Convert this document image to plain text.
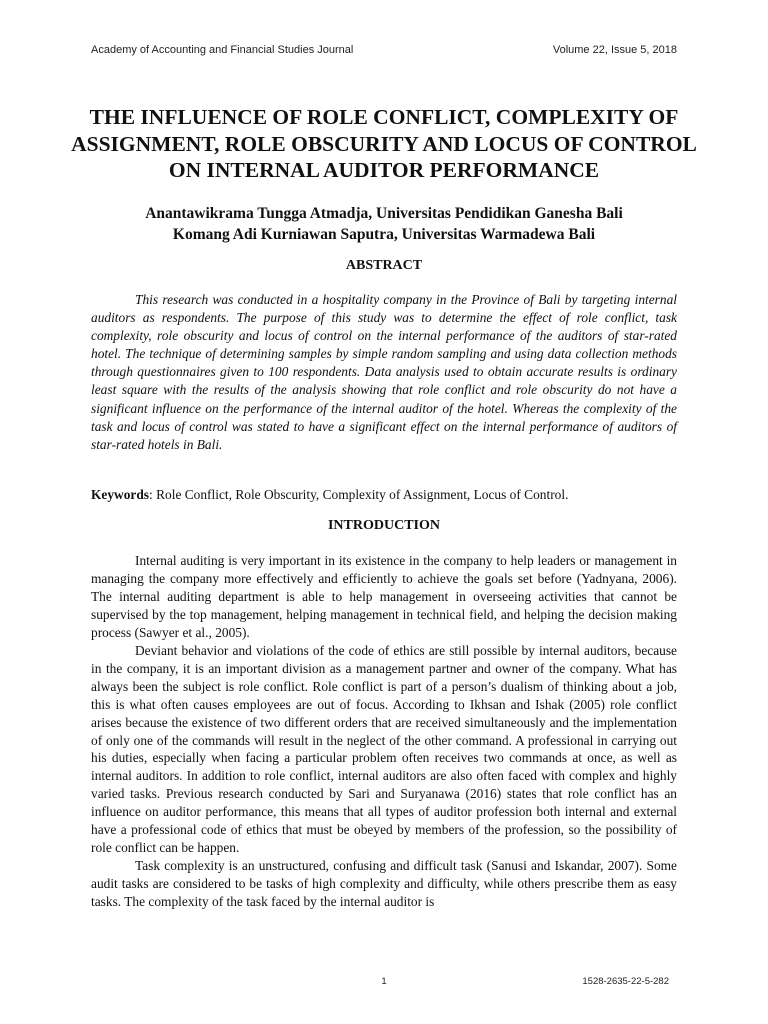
Academy of Accounting and Financial Studies Journal	Volume 22, Issue 5, 2018
THE INFLUENCE OF ROLE CONFLICT, COMPLEXITY OF ASSIGNMENT, ROLE OBSCURITY AND LOCUS OF CONTROL ON INTERNAL AUDITOR PERFORMANCE
Anantawikrama Tungga Atmadja, Universitas Pendidikan Ganesha Bali
Komang Adi Kurniawan Saputra, Universitas Warmadewa Bali
ABSTRACT

This research was conducted in a hospitality company in the Province of Bali by targeting internal auditors as respondents. The purpose of this study was to determine the effect of role conflict, task complexity, role obscurity and locus of control on the internal performance of the auditors of star-rated hotel. The technique of determining samples by simple random sampling and using data collection methods through questionnaires given to 100 respondents. Data analysis used to obtain accurate results is ordinary least square with the results of the analysis showing that role conflict and role obscurity do not have a significant influence on the performance of the internal auditor of the hotel. Whereas the complexity of the task and locus of control was stated to have a significant effect on the internal performance of auditors of star-rated hotels in Bali.

Keywords: Role Conflict, Role Obscurity, Complexity of Assignment, Locus of Control.
INTRODUCTION

Internal auditing is very important in its existence in the company to help leaders or management in managing the company more effectively and efficiently to achieve the goals set before (Yadnyana, 2006). The internal auditing department is able to help management in overseeing activities that cannot be supervised by the top management, helping management in technical field, and helping the decision making process (Sawyer et al., 2005).

Deviant behavior and violations of the code of ethics are still possible by internal auditors, because in the company, it is an important division as a management partner and owner of the company. What has always been the subject is role conflict. Role conflict is part of a person’s dualism of thinking about a job, this is what often causes employees are out of focus. According to Ikhsan and Ishak (2005) role conflict arises because the existence of two different orders that are received simultaneously and the implementation of only one of the commands will result in the neglect of the other command. A professional in carrying out his duties, especially when facing a particular problem often receives two commands at once, as well as internal auditors. In addition to role conflict, internal auditors are also often faced with complex and highly varied tasks. Previous research conducted by Sari and Suryanawa (2016) states that role conflict has an influence on auditor performance, this means that all types of auditor profession both internal and external have a professional code of ethics that must be obeyed by members of the profession, so the possibility of role conflict can be happen.

Task complexity is an unstructured, confusing and difficult task (Sanusi and Iskandar, 2007). Some audit tasks are considered to be tasks of high complexity and difficulty, while others prescribe them as easy tasks. The complexity of the task faced by the internal auditor is

1	1528-2635-22-5-282
